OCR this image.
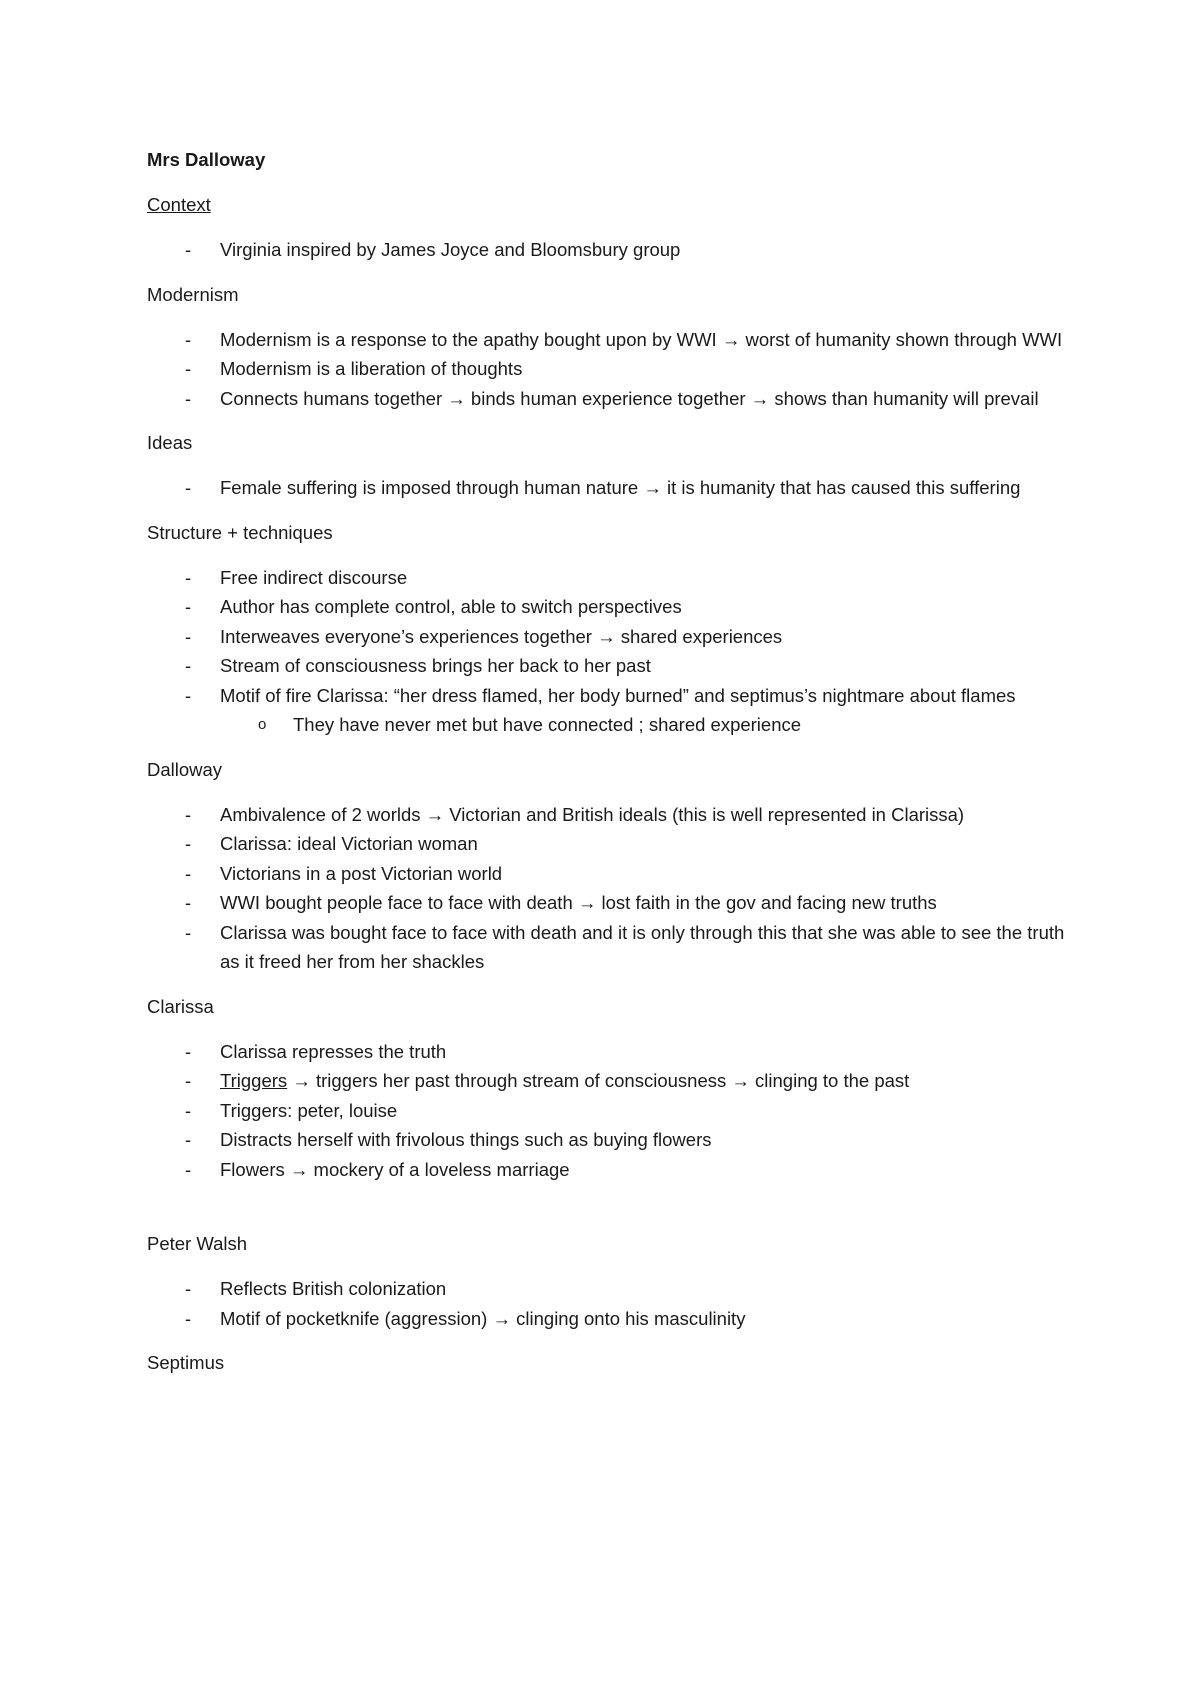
Mrs Dalloway
Context
- Virginia inspired by James Joyce and Bloomsbury group
Modernism
- Modernism is a response to the apathy bought upon by WWI → worst of humanity shown through WWI
- Modernism is a liberation of thoughts
- Connects humans together → binds human experience together → shows than humanity will prevail
Ideas
- Female suffering is imposed through human nature → it is humanity that has caused this suffering
Structure + techniques
- Free indirect discourse
- Author has complete control, able to switch perspectives
- Interweaves everyone’s experiences together → shared experiences
- Stream of consciousness brings her back to her past
- Motif of fire Clarissa: “her dress flamed, her body burned” and septimus’s nightmare about flames
o They have never met but have connected ; shared experience
Dalloway
- Ambivalence of 2 worlds → Victorian and British ideals (this is well represented in Clarissa)
- Clarissa: ideal Victorian woman
- Victorians in a post Victorian world
- WWI bought people face to face with death → lost faith in the gov and facing new truths
- Clarissa was bought face to face with death and it is only through this that she was able to see the truth as it freed her from her shackles
Clarissa
- Clarissa represses the truth
- Triggers → triggers her past through stream of consciousness → clinging to the past
- Triggers: peter, louise
- Distracts herself with frivolous things such as buying flowers
- Flowers → mockery of a loveless marriage
Peter Walsh
- Reflects British colonization
- Motif of pocketknife (aggression) → clinging onto his masculinity
Septimus
